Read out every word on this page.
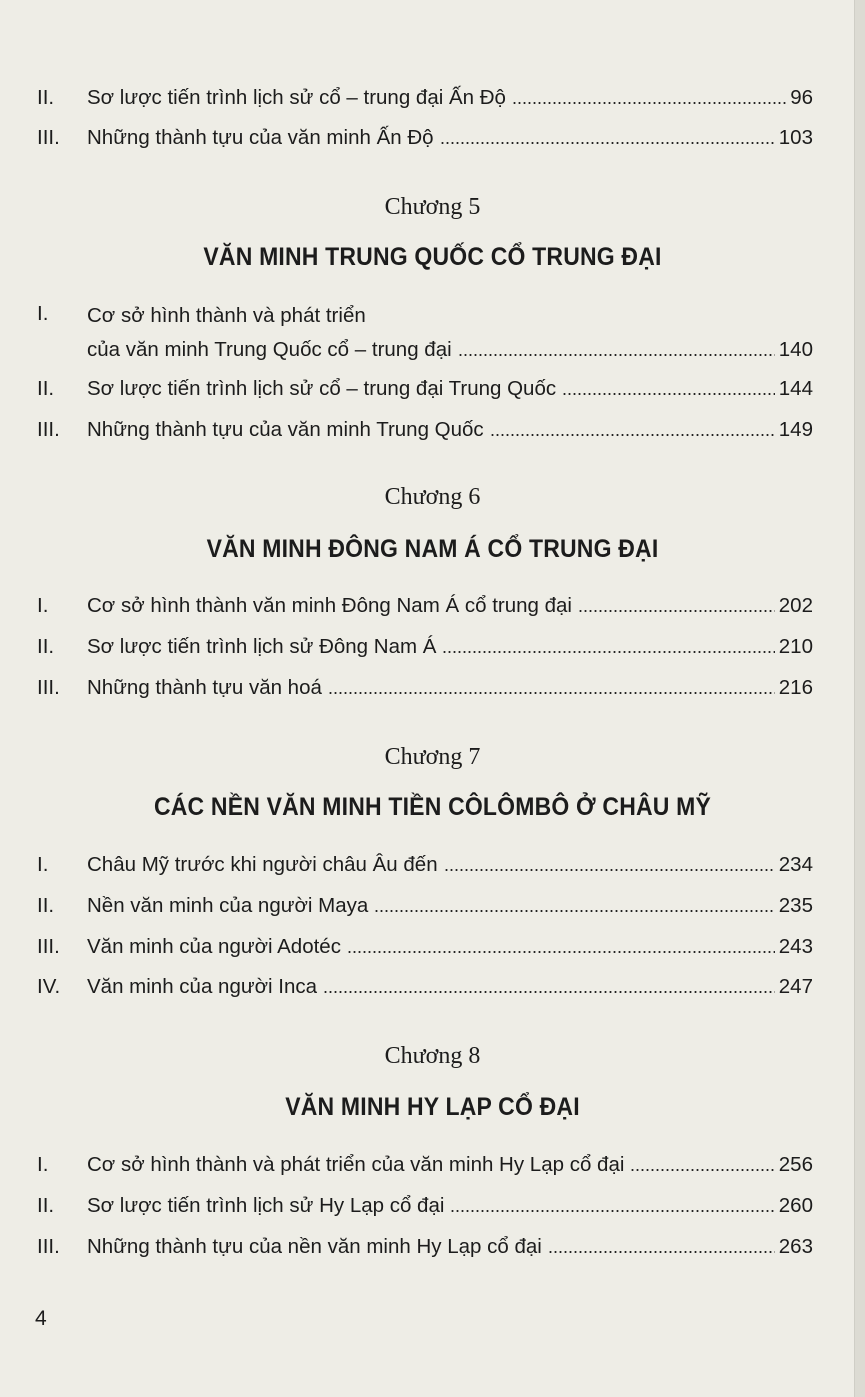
II.	Sơ lược tiến trình lịch sử cổ – trung đại Ấn Độ	96
III.	Những thành tựu của văn minh Ấn Độ	103
Chương 5
VĂN MINH TRUNG QUỐC CỔ TRUNG ĐẠI
I.	Cơ sở hình thành và phát triển
của văn minh Trung Quốc cổ – trung đại	140
II.	Sơ lược tiến trình lịch sử cổ – trung đại Trung Quốc	144
III.	Những thành tựu của văn minh Trung Quốc	149
Chương 6
VĂN MINH ĐÔNG NAM Á CỔ TRUNG ĐẠI
I.	Cơ sở hình thành văn minh Đông Nam Á cổ trung đại	202
II.	Sơ lược tiến trình lịch sử Đông Nam Á	210
III.	Những thành tựu văn hoá	216
Chương 7
CÁC NỀN VĂN MINH TIỀN CÔLÔMBÔ Ở CHÂU MỸ
I.	Châu Mỹ trước khi người châu Âu đến	234
II.	Nền văn minh của người Maya	235
III.	Văn minh của người Adotéc	243
IV.	Văn minh của người Inca	247
Chương 8
VĂN MINH HY LẠP CỔ ĐẠI
I.	Cơ sở hình thành và phát triển của văn minh Hy Lạp cổ đại	256
II.	Sơ lược tiến trình lịch sử Hy Lạp cổ đại	260
III.	Những thành tựu của nền văn minh Hy Lạp cổ đại	263
4
